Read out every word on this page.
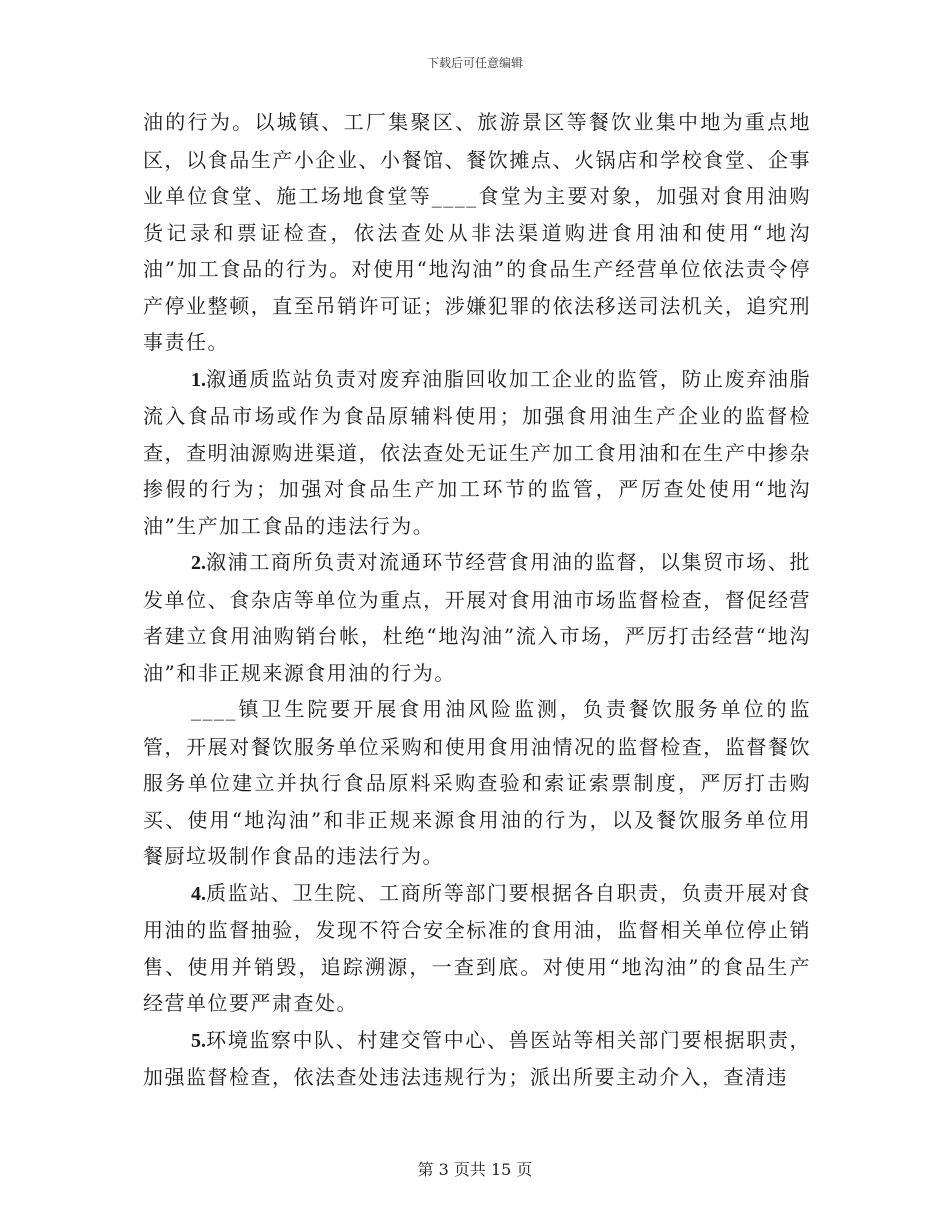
下载后可任意编辑

油的行为。以城镇、工厂集聚区、旅游景区等餐饮业集中地为重点地区，以食品生产小企业、小餐馆、餐饮摊点、火锅店和学校食堂、企事业单位食堂、施工场地食堂等____食堂为主要对象，加强对食用油购货记录和票证检查，依法查处从非法渠道购进食用油和使用“地沟油”加工食品的行为。对使用“地沟油”的食品生产经营单位依法责令停产停业整顿，直至吊销许可证；涉嫌犯罪的依法移送司法机关，追究刑事责任。

1.溆通质监站负责对废弃油脂回收加工企业的监管，防止废弃油脂流入食品市场或作为食品原辅料使用；加强食用油生产企业的监督检查，查明油源购进渠道，依法查处无证生产加工食用油和在生产中掺杂掺假的行为；加强对食品生产加工环节的监管，严厉查处使用“地沟油”生产加工食品的违法行为。

2.溆浦工商所负责对流通环节经营食用油的监督，以集贸市场、批发单位、食杂店等单位为重点，开展对食用油市场监督检查，督促经营者建立食用油购销台帐，杜绝“地沟油”流入市场，严厉打击经营“地沟油”和非正规来源食用油的行为。

____镇卫生院要开展食用油风险监测，负责餐饮服务单位的监管，开展对餐饮服务单位采购和使用食用油情况的监督检查，监督餐饮服务单位建立并执行食品原料采购查验和索证索票制度，严厉打击购买、使用“地沟油”和非正规来源食用油的行为，以及餐饮服务单位用餐厨垃圾制作食品的违法行为。

4.质监站、卫生院、工商所等部门要根据各自职责，负责开展对食用油的监督抽验，发现不符合安全标准的食用油，监督相关单位停止销售、使用并销毁，追踪溯源，一查到底。对使用“地沟油”的食品生产经营单位要严肃查处。

5.环境监察中队、村建交管中心、兽医站等相关部门要根据职责，加强监督检查，依法查处违法违规行为；派出所要主动介入，查清违

第 3 页共 15 页
